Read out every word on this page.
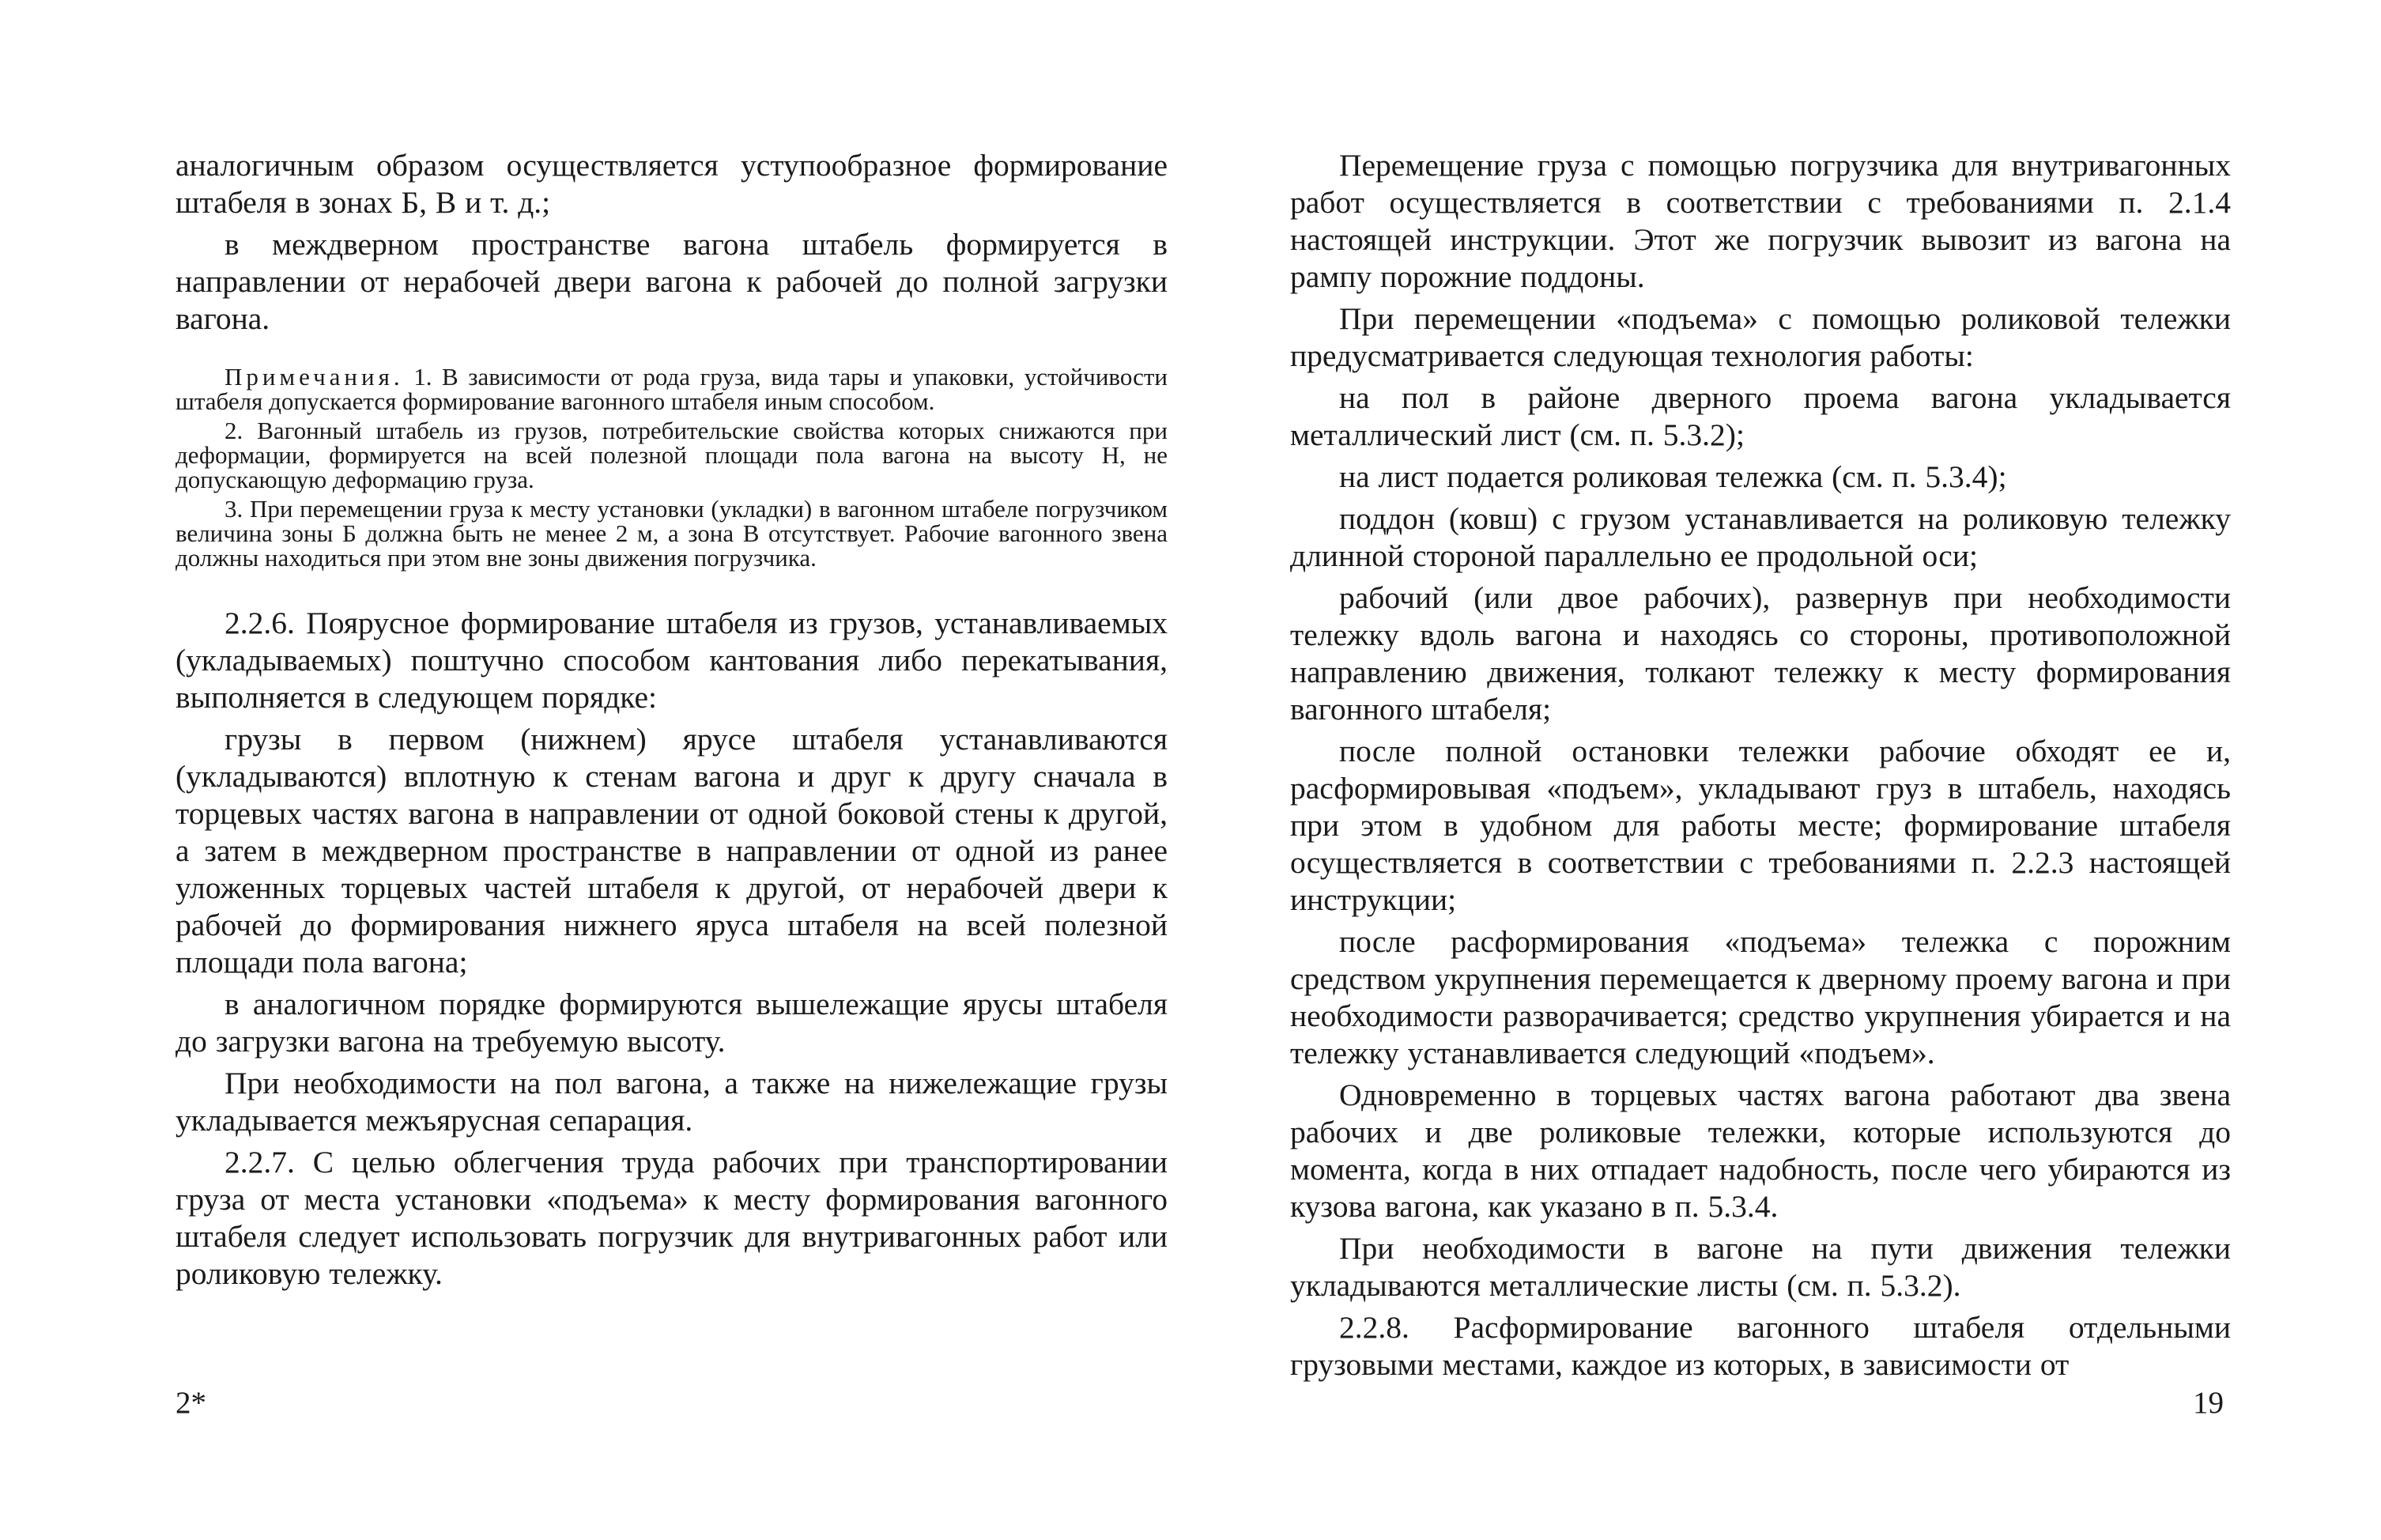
аналогичным образом осуществляется уступообразное формирование штабеля в зонах Б, В и т. д.;

в междверном пространстве вагона штабель формируется в направлении от нерабочей двери вагона к рабочей до полной загрузки вагона.

Примечания. 1. В зависимости от рода груза, вида тары и упаковки, устойчивости штабеля допускается формирование вагонного штабеля иным способом.

2. Вагонный штабель из грузов, потребительские свойства которых снижаются при деформации, формируется на всей полезной площади пола вагона на высоту Н, не допускающую деформацию груза.

3. При перемещении груза к месту установки (укладки) в вагонном штабеле погрузчиком величина зоны Б должна быть не менее 2 м, а зона В отсутствует. Рабочие вагонного звена должны находиться при этом вне зоны движения погрузчика.

2.2.6. Поярусное формирование штабеля из грузов, устанавливаемых (укладываемых) поштучно способом кантования либо перекатывания, выполняется в следующем порядке:

грузы в первом (нижнем) ярусе штабеля устанавливаются (укладываются) вплотную к стенам вагона и друг к другу сначала в торцевых частях вагона в направлении от одной боковой стены к другой, а затем в междверном пространстве в направлении от одной из ранее уложенных торцевых частей штабеля к другой, от нерабочей двери к рабочей до формирования нижнего яруса штабеля на всей полезной площади пола вагона;

в аналогичном порядке формируются вышележащие ярусы штабеля до загрузки вагона на требуемую высоту.

При необходимости на пол вагона, а также на нижележащие грузы укладывается межъярусная сепарация.

2.2.7. С целью облегчения труда рабочих при транспортировании груза от места установки «подъема» к месту формирования вагонного штабеля следует использовать погрузчик для внутривагонных работ или роликовую тележку.

Перемещение груза с помощью погрузчика для внутривагонных работ осуществляется в соответствии с требованиями п. 2.1.4 настоящей инструкции. Этот же погрузчик вывозит из вагона на рампу порожние поддоны.

При перемещении «подъема» с помощью роликовой тележки предусматривается следующая технология работы:

на пол в районе дверного проема вагона укладывается металлический лист (см. п. 5.3.2);

на лист подается роликовая тележка (см. п. 5.3.4);

поддон (ковш) с грузом устанавливается на роликовую тележку длинной стороной параллельно ее продольной оси;

рабочий (или двое рабочих), развернув при необходимости тележку вдоль вагона и находясь со стороны, противоположной направлению движения, толкают тележку к месту формирования вагонного штабеля;

после полной остановки тележки рабочие обходят ее и, расформировывая «подъем», укладывают груз в штабель, находясь при этом в удобном для работы месте; формирование штабеля осуществляется в соответствии с требованиями п. 2.2.3 настоящей инструкции;

после расформирования «подъема» тележка с порожним средством укрупнения перемещается к дверному проему вагона и при необходимости разворачивается; средство укрупнения убирается и на тележку устанавливается следующий «подъем».

Одновременно в торцевых частях вагона работают два звена рабочих и две роликовые тележки, которые используются до момента, когда в них отпадает надобность, после чего убираются из кузова вагона, как указано в п. 5.3.4.

При необходимости в вагоне на пути движения тележки укладываются металлические листы (см. п. 5.3.2).

2.2.8. Расформирование вагонного штабеля отдельными грузовыми местами, каждое из которых, в зависимости от

2*	19
